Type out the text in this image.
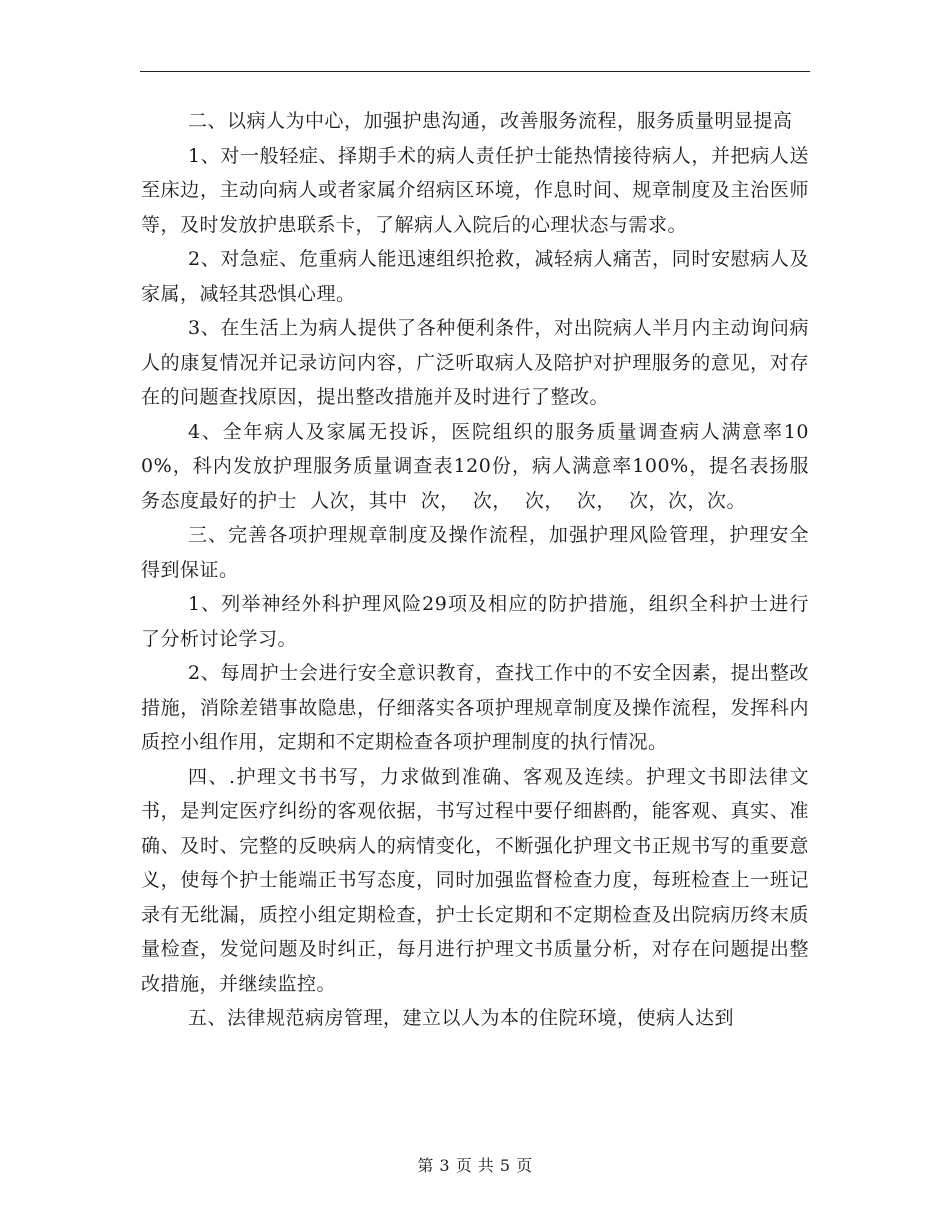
二、以病人为中心，加强护患沟通，改善服务流程，服务质量明显提高

1、对一般轻症、择期手术的病人责任护士能热情接待病人，并把病人送至床边，主动向病人或者家属介绍病区环境，作息时间、规章制度及主治医师等，及时发放护患联系卡，了解病人入院后的心理状态与需求。

2、对急症、危重病人能迅速组织抢救，减轻病人痛苦，同时安慰病人及家属，减轻其恐惧心理。

3、在生活上为病人提供了各种便利条件，对出院病人半月内主动询问病人的康复情况并记录访问内容，广泛听取病人及陪护对护理服务的意见，对存在的问题查找原因，提出整改措施并及时进行了整改。

4、全年病人及家属无投诉，医院组织的服务质量调查病人满意率100%，科内发放护理服务质量调查表120份，病人满意率100%，提名表扬服务态度最好的护士  人次，其中  次，  次，  次，  次，  次，次，次。

三、完善各项护理规章制度及操作流程，加强护理风险管理，护理安全得到保证。

1、列举神经外科护理风险29项及相应的防护措施，组织全科护士进行了分析讨论学习。

2、每周护士会进行安全意识教育，查找工作中的不安全因素，提出整改措施，消除差错事故隐患，仔细落实各项护理规章制度及操作流程，发挥科内质控小组作用，定期和不定期检查各项护理制度的执行情况。

四、.护理文书书写，力求做到准确、客观及连续。护理文书即法律文书，是判定医疗纠纷的客观依据，书写过程中要仔细斟酌，能客观、真实、准确、及时、完整的反映病人的病情变化，不断强化护理文书正规书写的重要意义，使每个护士能端正书写态度，同时加强监督检查力度，每班检查上一班记录有无纰漏，质控小组定期检查，护士长定期和不定期检查及出院病历终末质量检查，发觉问题及时纠正，每月进行护理文书质量分析，对存在问题提出整改措施，并继续监控。

五、法律规范病房管理，建立以人为本的住院环境，使病人达到

第 3 页 共 5 页
